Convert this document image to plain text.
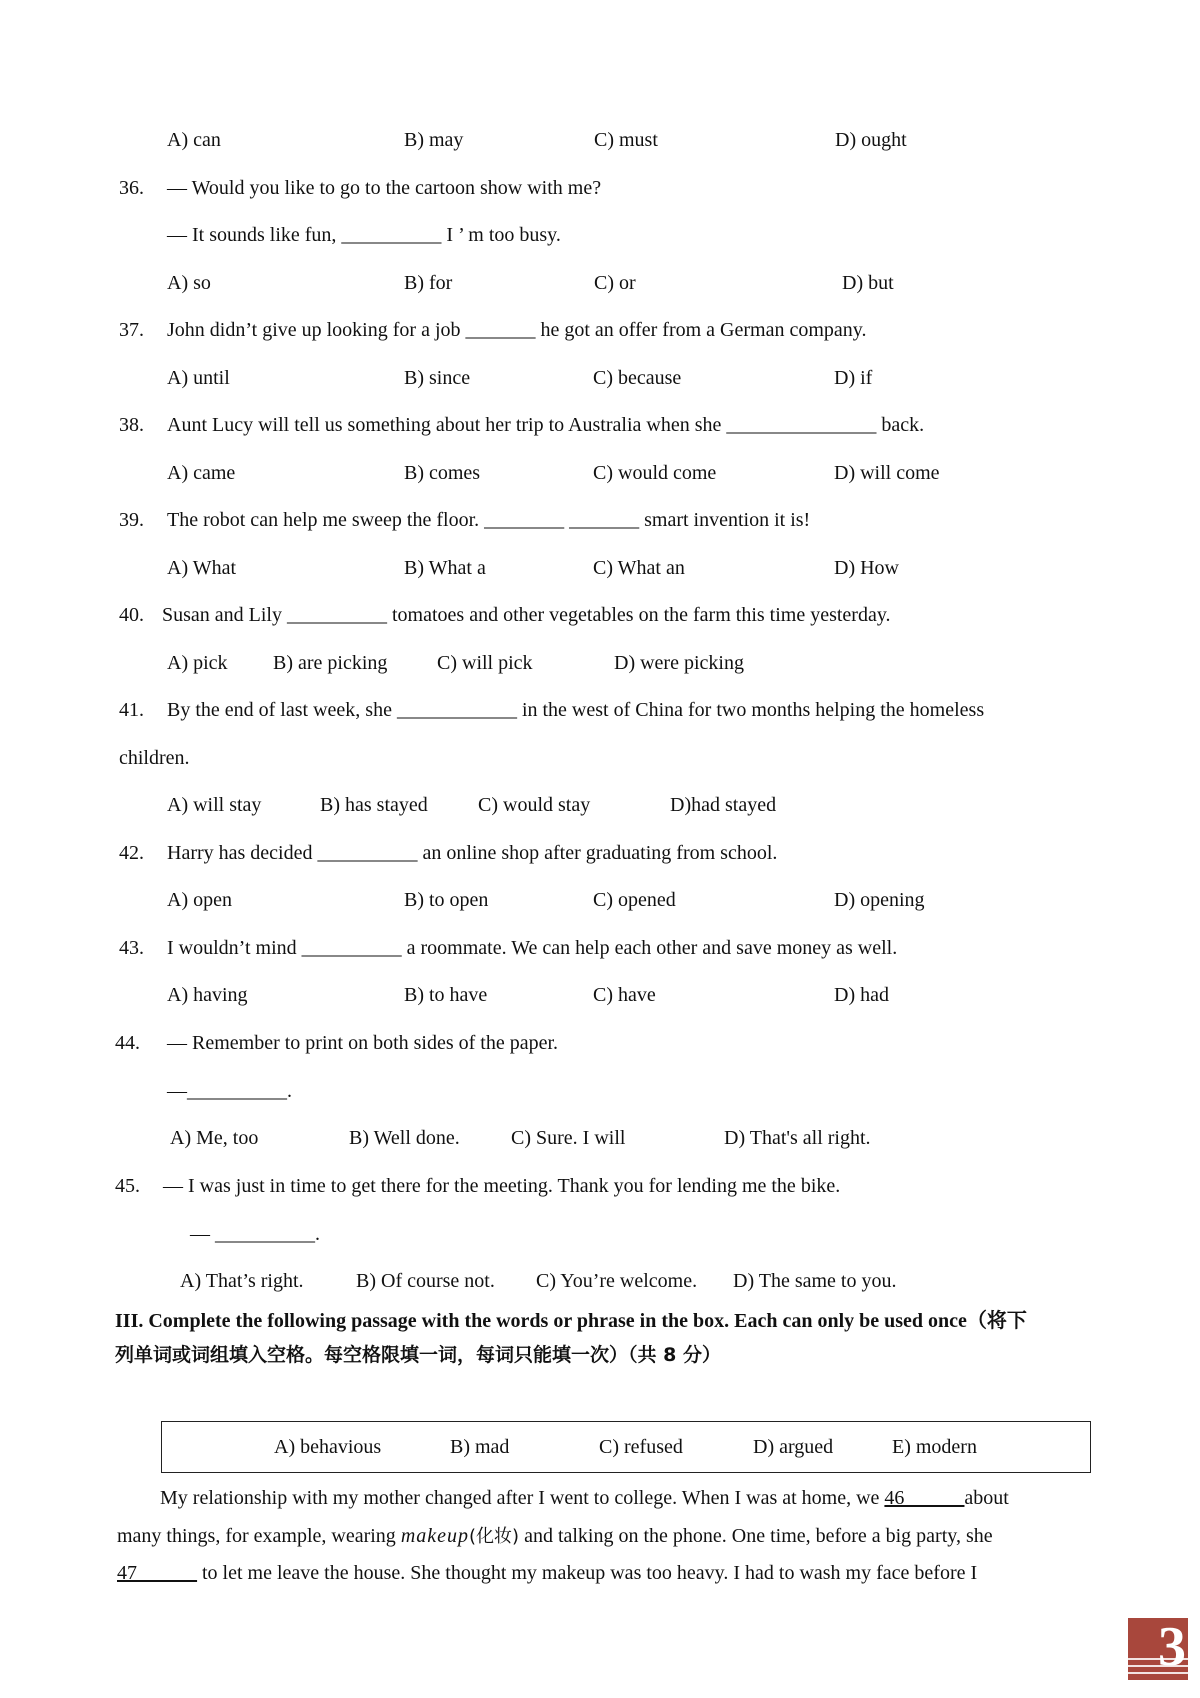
A) can	B) may	C) must	D) ought
36. — Would you like to go to the cartoon show with me?
— It sounds like fun, __________ I ’ m too busy.
A) so	B) for	C) or	D) but
37. John didn’t give up looking for a job _______ he got an offer from a German company.
A) until	B) since	C) because	D) if
38. Aunt Lucy will tell us something about her trip to Australia when she _______________ back.
A) came	B) comes	C) would come	D) will come
39. The robot can help me sweep the floor. ________ _______ smart invention it is!
A) What	B) What a	C) What an	D) How
40. Susan and Lily __________ tomatoes and other vegetables on the farm this time yesterday.
A) pick B) are picking C) will pick	D) were picking
41. By the end of last week, she ____________ in the west of China for two months helping the homeless
children.
A) will stay	B) has stayed	C) would stay	D)had stayed
42. Harry has decided __________ an online shop after graduating from school.
A) open	B) to open	C) opened	D) opening
43. I wouldn’t mind __________ a roommate. We can help each other and save money as well.
A) having	B) to have	C) have	D) had
44. — Remember to print on both sides of the paper.
—__________.
A) Me, too	B) Well done.	C) Sure. I will	D) That's all right.
45. — I was just in time to get there for the meeting. Thank you for lending me the bike.
— __________.
A) That’s right.	B) Of course not. C) You’re welcome. D) The same to you.
III. Complete the following passage with the words or phrase in the box. Each can only be used once（将下
列单词或词组填入空格。每空格限填一词，每词只能填一次）（共 8 分）
A) behavious	B) mad	C) refused	D) argued	E) modern
My relationship with my mother changed after I went to college. When I was at home, we 46______about
many things, for example, wearing makeup(化妆) and talking on the phone. One time, before a big party, she
47______ to let me leave the house. She thought my makeup was too heavy. I had to wash my face before I
3
